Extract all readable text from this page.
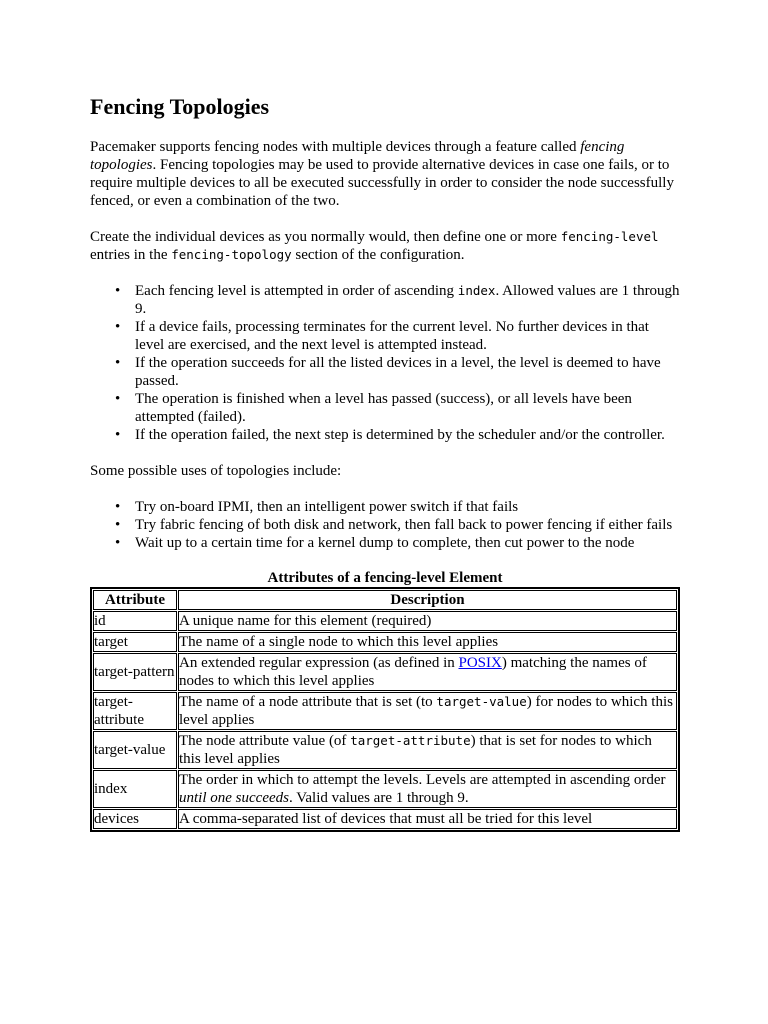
Fencing Topologies

Pacemaker supports fencing nodes with multiple devices through a feature called fencing topologies. Fencing topologies may be used to provide alternative devices in case one fails, or to require multiple devices to all be executed successfully in order to consider the node successfully fenced, or even a combination of the two.

Create the individual devices as you normally would, then define one or more fencing-level entries in the fencing-topology section of the configuration.

• Each fencing level is attempted in order of ascending index. Allowed values are 1 through 9.
• If a device fails, processing terminates for the current level. No further devices in that level are exercised, and the next level is attempted instead.
• If the operation succeeds for all the listed devices in a level, the level is deemed to have passed.
• The operation is finished when a level has passed (success), or all levels have been attempted (failed).
• If the operation failed, the next step is determined by the scheduler and/or the controller.

Some possible uses of topologies include:

• Try on-board IPMI, then an intelligent power switch if that fails
• Try fabric fencing of both disk and network, then fall back to power fencing if either fails
• Wait up to a certain time for a kernel dump to complete, then cut power to the node
Attributes of a fencing-level Element
Attribute	Description
id	A unique name for this element (required)
target	The name of a single node to which this level applies
target-pattern	An extended regular expression (as defined in POSIX) matching the names of nodes to which this level applies
target-attribute	The name of a node attribute that is set (to target-value) for nodes to which this level applies
target-value	The node attribute value (of target-attribute) that is set for nodes to which this level applies
index	The order in which to attempt the levels. Levels are attempted in ascending order until one succeeds. Valid values are 1 through 9.
devices	A comma-separated list of devices that must all be tried for this level
